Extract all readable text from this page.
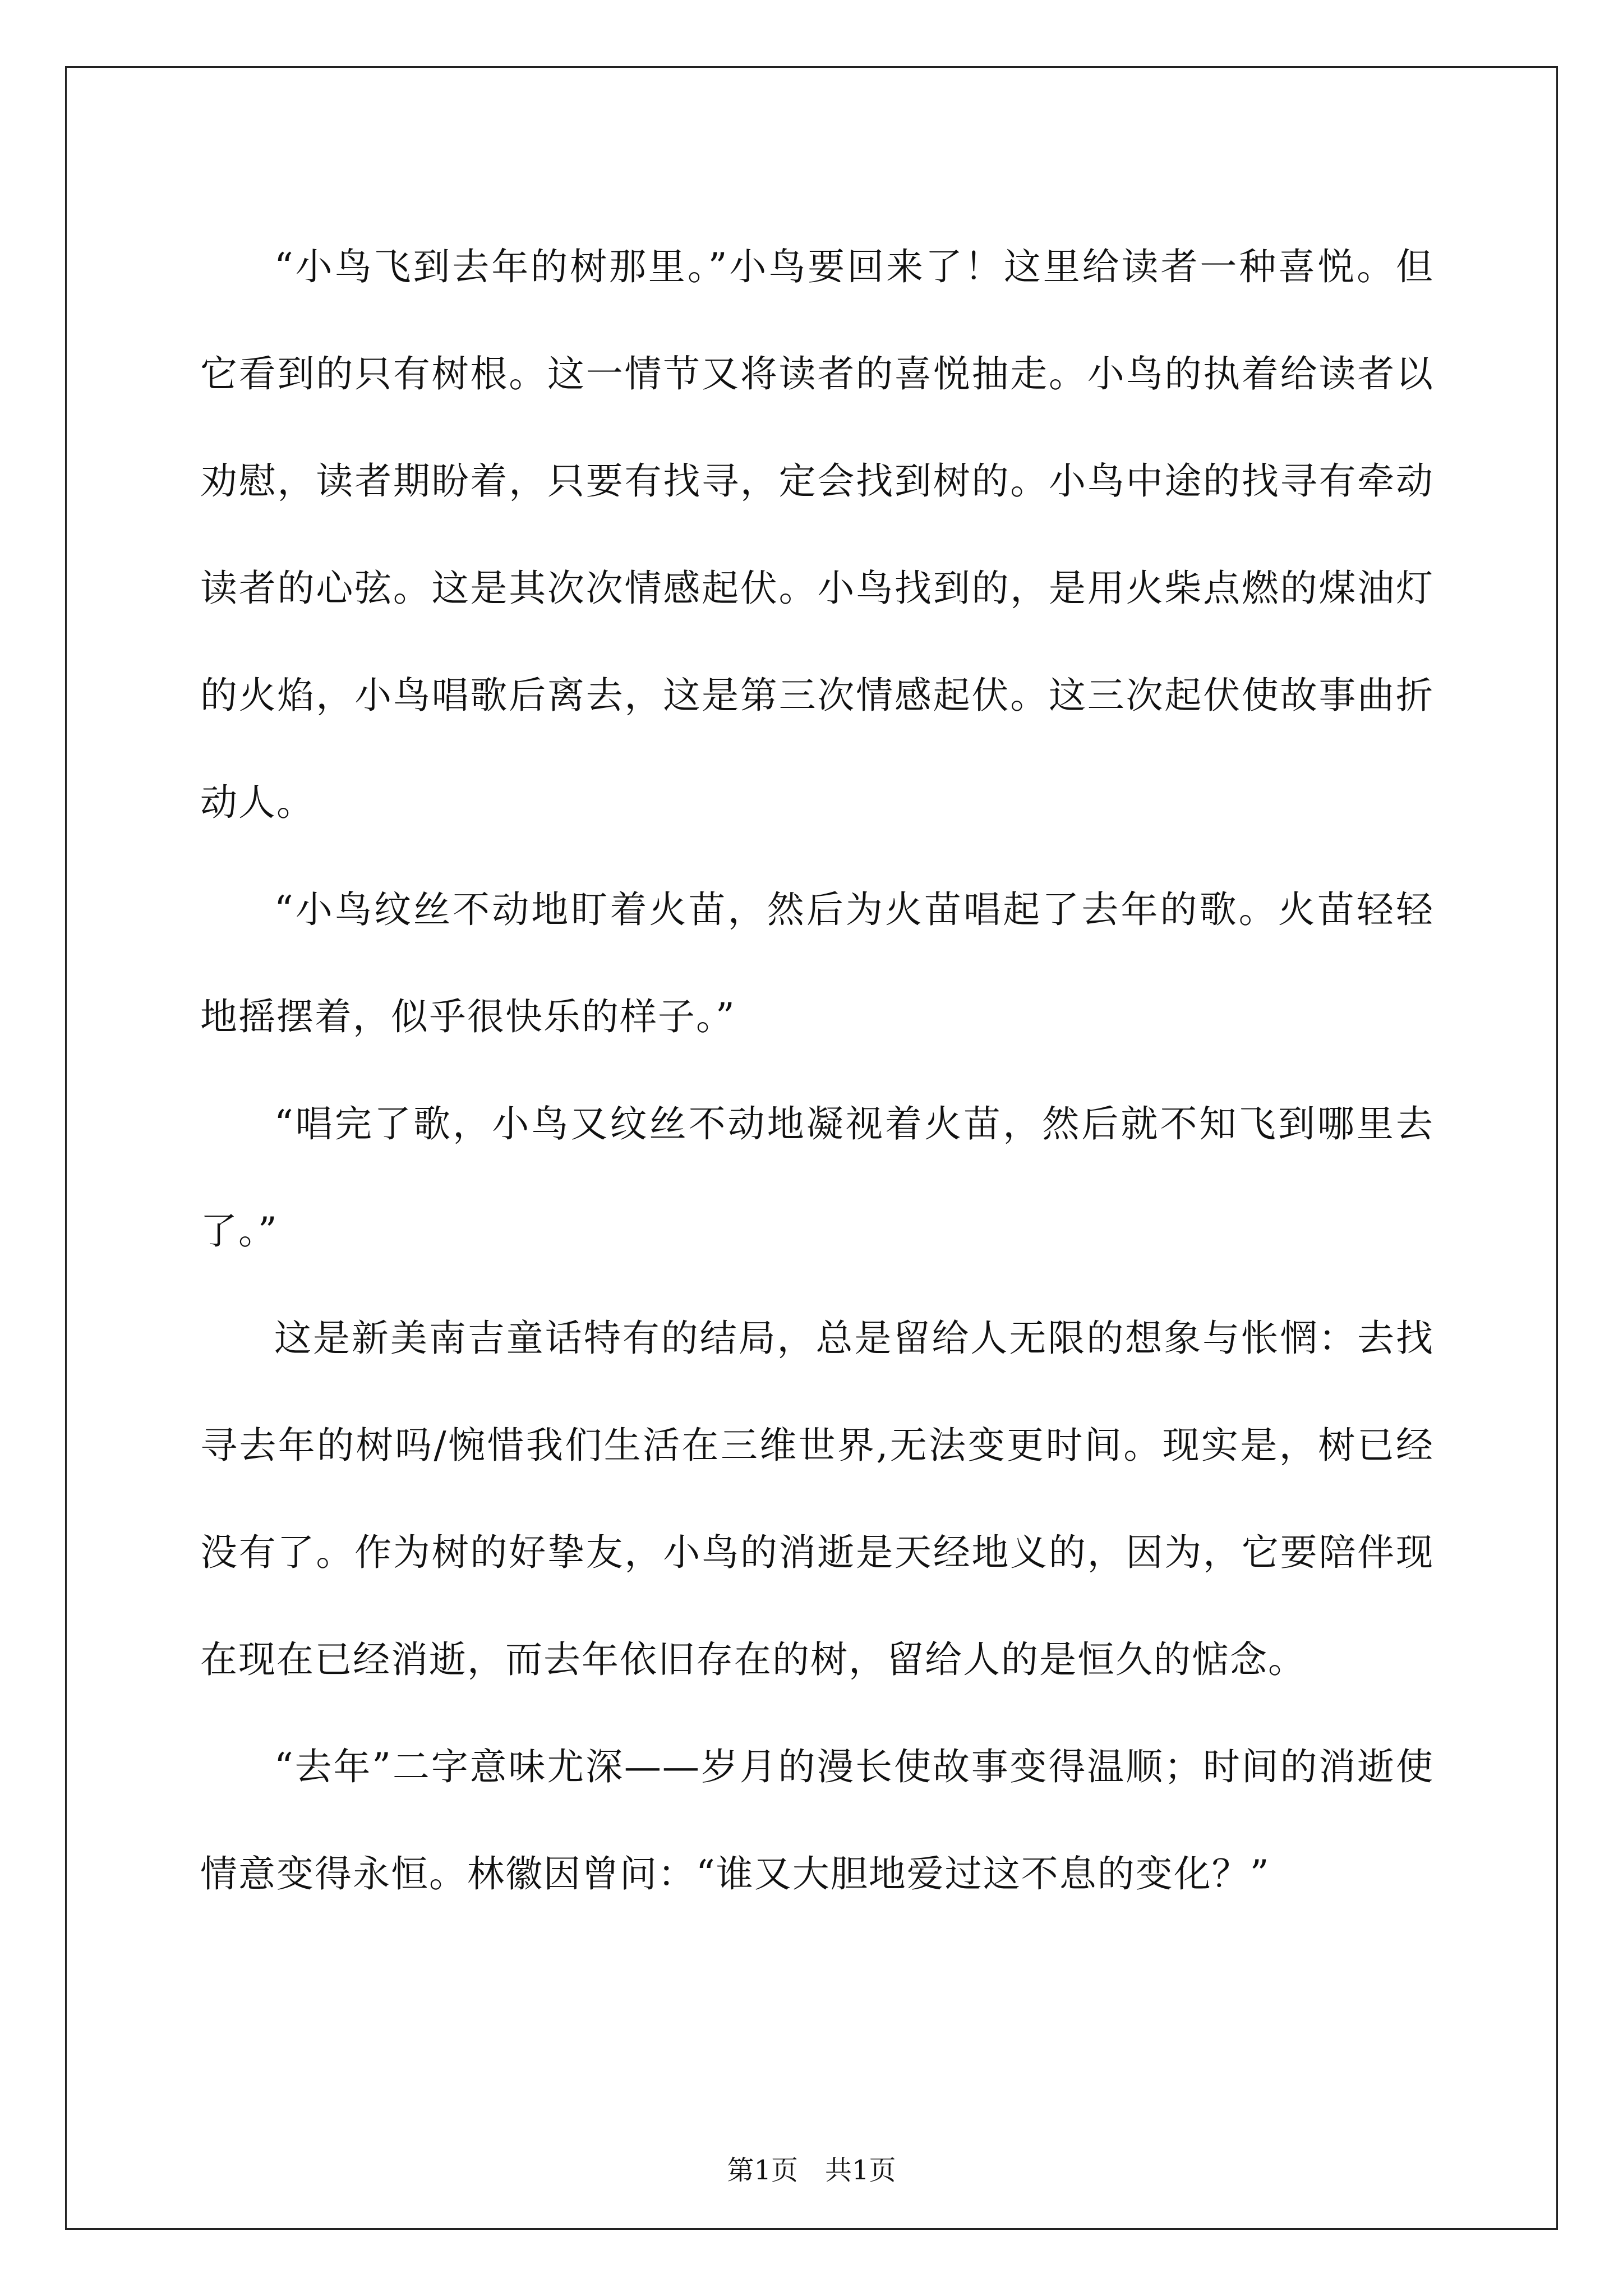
“小鸟飞到去年的树那里。”小鸟要回来了！这里给读者一种喜悦。但它看到的只有树根。这一情节又将读者的喜悦抽走。小鸟的执着给读者以劝慰，读者期盼着，只要有找寻，定会找到树的。小鸟中途的找寻有牵动读者的心弦。这是其次次情感起伏。小鸟找到的，是用火柴点燃的煤油灯的火焰，小鸟唱歌后离去，这是第三次情感起伏。这三次起伏使故事曲折动人。

“小鸟纹丝不动地盯着火苗，然后为火苗唱起了去年的歌。火苗轻轻地摇摆着，似乎很快乐的样子。”

“唱完了歌，小鸟又纹丝不动地凝视着火苗，然后就不知飞到哪里去了。”

这是新美南吉童话特有的结局，总是留给人无限的想象与怅惘：去找寻去年的树吗/惋惜我们生活在三维世界,无法变更时间。现实是，树已经没有了。作为树的好挚友，小鸟的消逝是天经地义的，因为，它要陪伴现在现在已经消逝，而去年依旧存在的树，留给人的是恒久的惦念。

“去年”二字意味尤深——岁月的漫长使故事变得温顺；时间的消逝使情意变得永恒。林徽因曾问：“谁又大胆地爱过这不息的变化？”

第1页　共1页
